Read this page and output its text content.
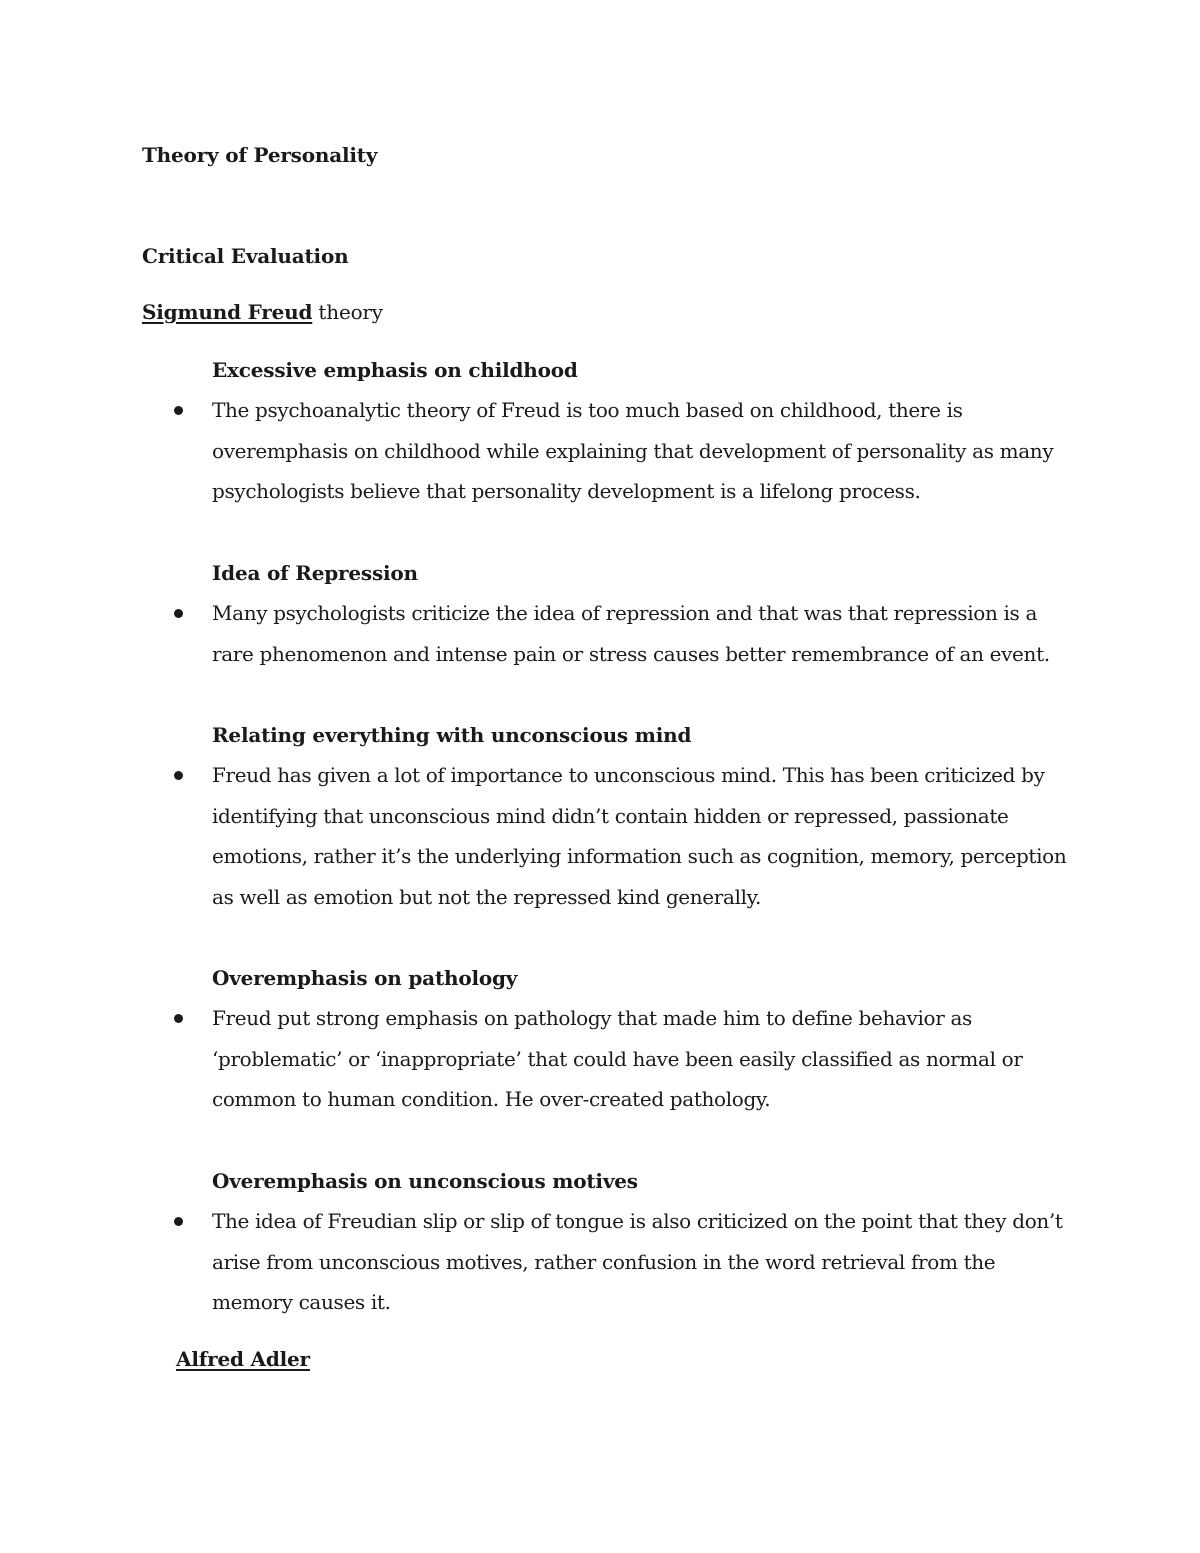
Theory of Personality
Critical Evaluation
Sigmund Freud theory
Excessive emphasis on childhood
The psychoanalytic theory of Freud is too much based on childhood, there is overemphasis on childhood while explaining that development of personality as many psychologists believe that personality development is a lifelong process.
Idea of Repression
Many psychologists criticize the idea of repression and that was that repression is a rare phenomenon and intense pain or stress causes better remembrance of an event.
Relating everything with unconscious mind
Freud has given a lot of importance to unconscious mind. This has been criticized by identifying that unconscious mind didn’t contain hidden or repressed, passionate emotions, rather it’s the underlying information such as cognition, memory, perception as well as emotion but not the repressed kind generally.
Overemphasis on pathology
Freud put strong emphasis on pathology that made him to define behavior as ‘problematic’ or ‘inappropriate’ that could have been easily classified as normal or common to human condition. He over-created pathology.
Overemphasis on unconscious motives
The idea of Freudian slip or slip of tongue is also criticized on the point that they don’t arise from unconscious motives, rather confusion in the word retrieval from the memory causes it.
Alfred Adler
